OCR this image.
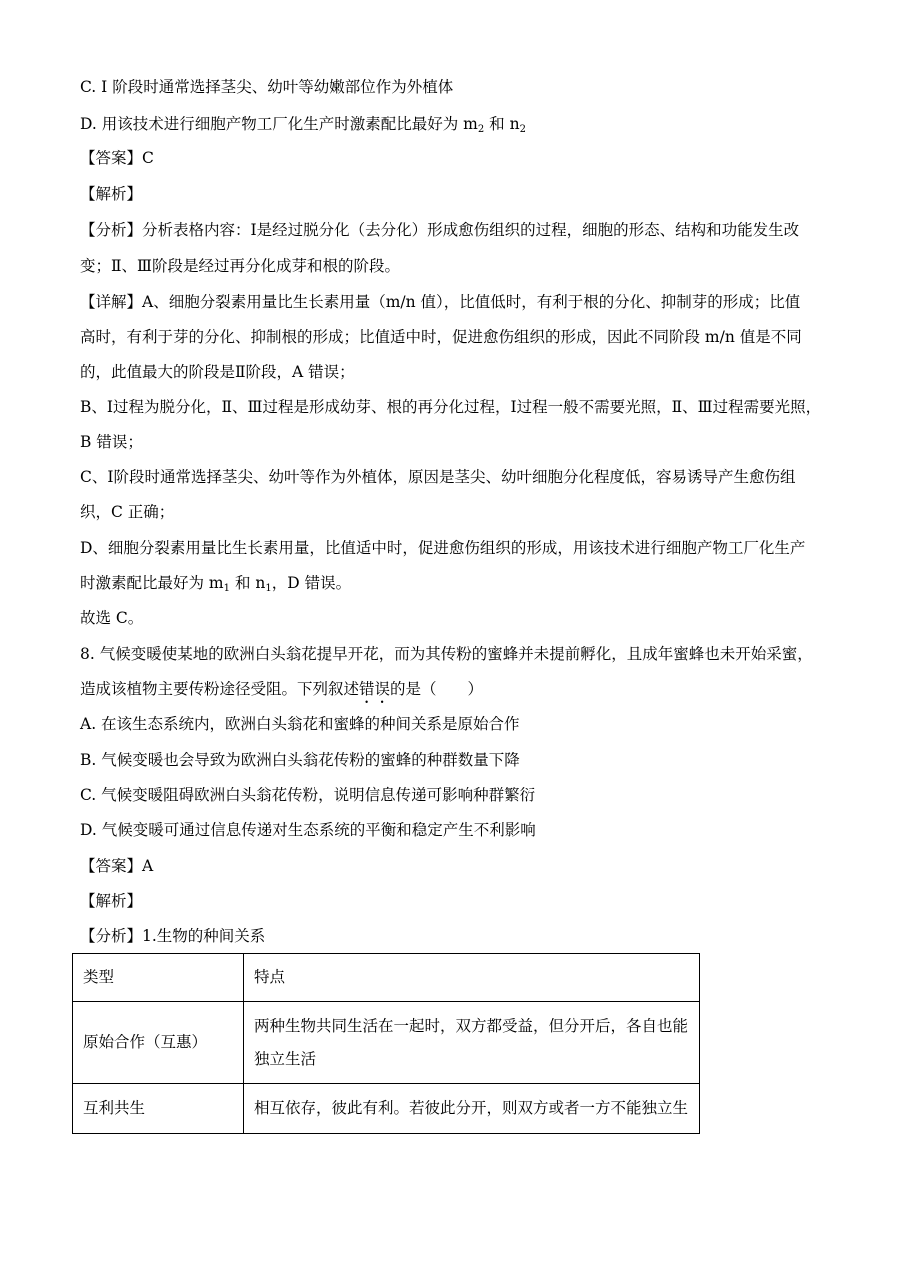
C. I 阶段时通常选择茎尖、幼叶等幼嫩部位作为外植体
D. 用该技术进行细胞产物工厂化生产时激素配比最好为 $m_2$ 和 $n_2$
【答案】C
【解析】
【分析】分析表格内容：I是经过脱分化（去分化）形成愈伤组织的过程，细胞的形态、结构和功能发生改
变；Ⅱ、Ⅲ阶段是经过再分化成芽和根的阶段。
【详解】A、细胞分裂素用量比生长素用量（m/n 值），比值低时，有利于根的分化、抑制芽的形成；比值
高时，有利于芽的分化、抑制根的形成；比值适中时，促进愈伤组织的形成，因此不同阶段 m/n 值是不同
的，此值最大的阶段是Ⅱ阶段，A 错误；
B、I过程为脱分化，Ⅱ、Ⅲ过程是形成幼芽、根的再分化过程，I过程一般不需要光照，Ⅱ、Ⅲ过程需要光照，
B 错误；
C、I阶段时通常选择茎尖、幼叶等作为外植体，原因是茎尖、幼叶细胞分化程度低，容易诱导产生愈伤组
织，C 正确；
D、细胞分裂素用量比生长素用量，比值适中时，促进愈伤组织的形成，用该技术进行细胞产物工厂化生产
时激素配比最好为 $m_1$ 和 $n_1$，D 错误。
故选 C。
8. 气候变暖使某地的欧洲白头翁花提早开花，而为其传粉的蜜蜂并未提前孵化，且成年蜜蜂也未开始采蜜，
造成该植物主要传粉途径受阻。下列叙述错误的是（　　）
A. 在该生态系统内，欧洲白头翁花和蜜蜂的种间关系是原始合作
B. 气候变暖也会导致为欧洲白头翁花传粉的蜜蜂的种群数量下降
C. 气候变暖阻碍欧洲白头翁花传粉，说明信息传递可影响种群繁衍
D. 气候变暖可通过信息传递对生态系统的平衡和稳定产生不利影响
【答案】A
【解析】
【分析】1.生物的种间关系
类型	特点
原始合作（互惠）	两种生物共同生活在一起时，双方都受益，但分开后，各自也能
独立生活

互利共生	相互依存，彼此有利。若彼此分开，则双方或者一方不能独立生
